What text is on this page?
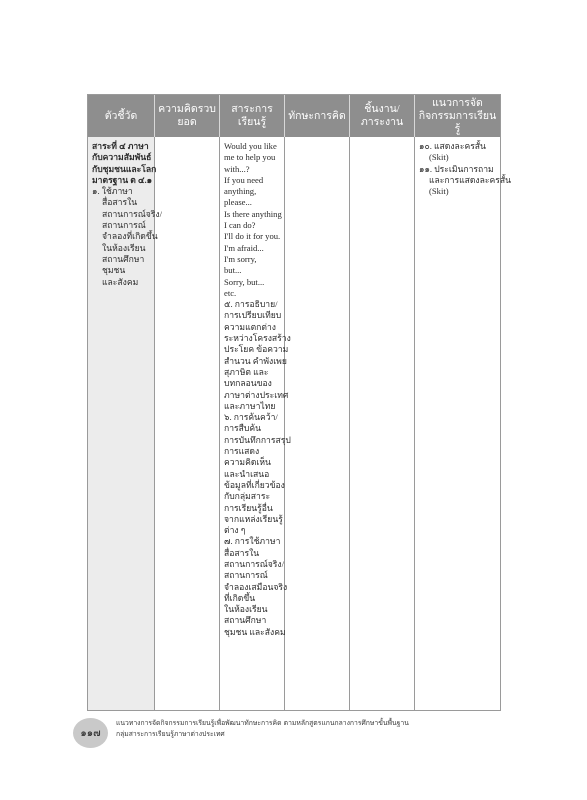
ตัวชี้วัด
ความคิดรวบยอด
สาระการเรียนรู้
ทักษะการคิด
ชิ้นงาน/ภาระงาน
แนวการจัดกิจกรรมการเรียนรู้
สาระที่ ๔ ภาษา
กับความสัมพันธ์
กับชุมชนและโลก
มาตรฐาน ต ๔.๑
๑. ใช้ภาษา
สื่อสารใน
สถานการณ์จริง/
สถานการณ์
จำลองที่เกิดขึ้น
ในห้องเรียน
สถานศึกษา
ชุมชน
และสังคม
Would you like
me to help you
with...?
If you need
anything,
please...
Is there anything
I can do?
I'll do it for you.
I'm afraid...
I'm sorry,
but...
Sorry, but...
etc.
๕. การอธิบาย/
การเปรียบเทียบ
ความแตกต่าง
ระหว่างโครงสร้าง
ประโยค ข้อความ
สำนวน คำพังเพย
สุภาษิต และ
บทกลอนของ
ภาษาต่างประเทศ
และภาษาไทย
๖. การค้นคว้า/
การสืบค้น
การบันทึกการสรุป
การแสดง
ความคิดเห็น
และนำเสนอ
ข้อมูลที่เกี่ยวข้อง
กับกลุ่มสาระ
การเรียนรู้อื่น
จากแหล่งเรียนรู้
ต่าง ๆ
๗. การใช้ภาษา
สื่อสารใน
สถานการณ์จริง/
สถานการณ์
จำลองเสมือนจริง
ที่เกิดขึ้น
ในห้องเรียน
สถานศึกษา
ชุมชน และสังคม
๑๐. แสดงละครสั้น
(Skit)
๑๑. ประเมินการถาม
และการแสดงละครสั้น
(Skit)
๑๑๗
แนวทางการจัดกิจกรรมการเรียนรู้เพื่อพัฒนาทักษะการคิด ตามหลักสูตรแกนกลางการศึกษาขั้นพื้นฐาน
กลุ่มสาระการเรียนรู้ภาษาต่างประเทศ
